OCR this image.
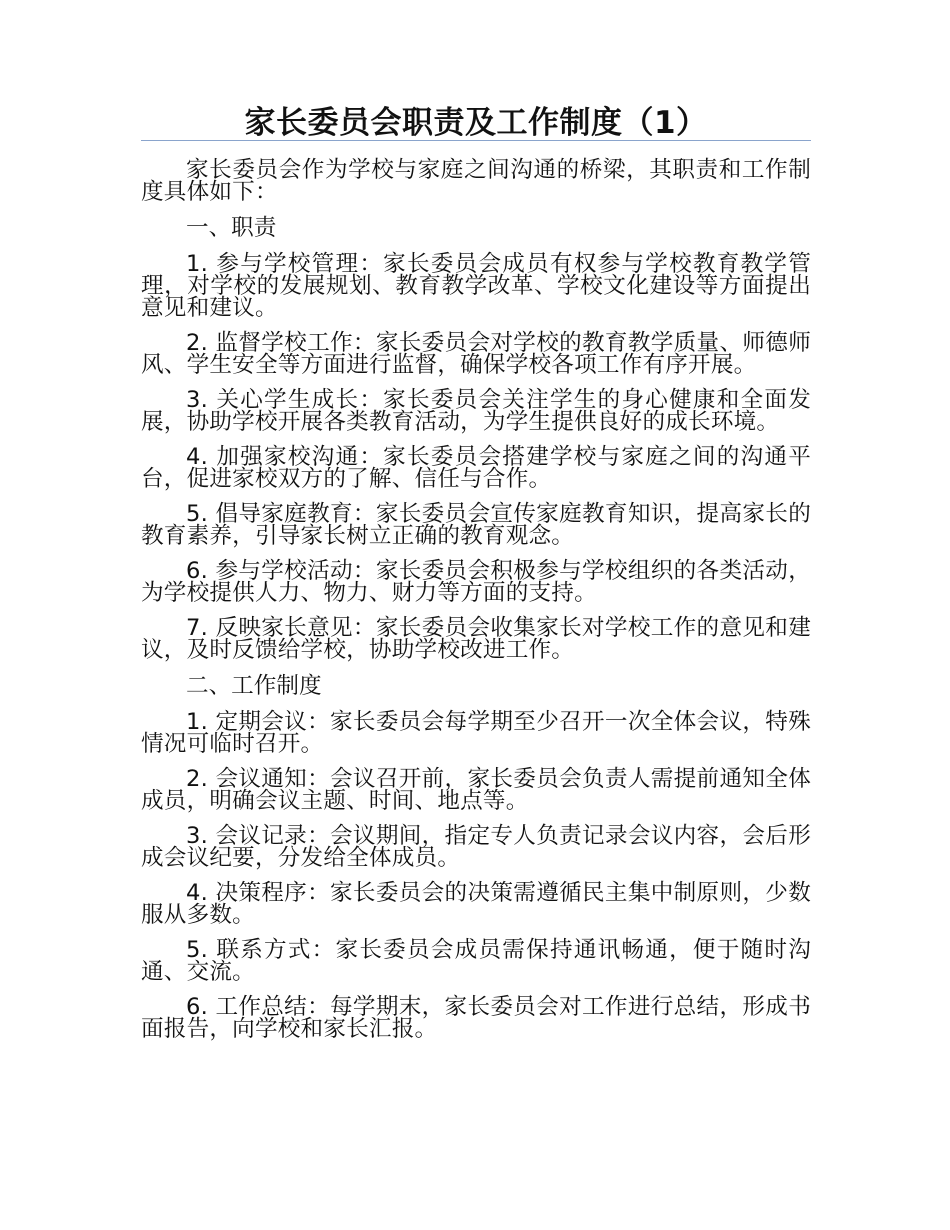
家长委员会职责及工作制度（1）

家长委员会作为学校与家庭之间沟通的桥梁，其职责和工作制度具体如下：

一、职责

1. 参与学校管理：家长委员会成员有权参与学校教育教学管理，对学校的发展规划、教育教学改革、学校文化建设等方面提出意见和建议。

2. 监督学校工作：家长委员会对学校的教育教学质量、师德师风、学生安全等方面进行监督，确保学校各项工作有序开展。

3. 关心学生成长：家长委员会关注学生的身心健康和全面发展，协助学校开展各类教育活动，为学生提供良好的成长环境。

4. 加强家校沟通：家长委员会搭建学校与家庭之间的沟通平台，促进家校双方的了解、信任与合作。

5. 倡导家庭教育：家长委员会宣传家庭教育知识，提高家长的教育素养，引导家长树立正确的教育观念。

6. 参与学校活动：家长委员会积极参与学校组织的各类活动，为学校提供人力、物力、财力等方面的支持。

7. 反映家长意见：家长委员会收集家长对学校工作的意见和建议，及时反馈给学校，协助学校改进工作。

二、工作制度

1. 定期会议：家长委员会每学期至少召开一次全体会议，特殊情况可临时召开。

2. 会议通知：会议召开前，家长委员会负责人需提前通知全体成员，明确会议主题、时间、地点等。

3. 会议记录：会议期间，指定专人负责记录会议内容，会后形成会议纪要，分发给全体成员。

4. 决策程序：家长委员会的决策需遵循民主集中制原则，少数服从多数。

5. 联系方式：家长委员会成员需保持通讯畅通，便于随时沟通、交流。

6. 工作总结：每学期末，家长委员会对工作进行总结，形成书面报告，向学校和家长汇报。
